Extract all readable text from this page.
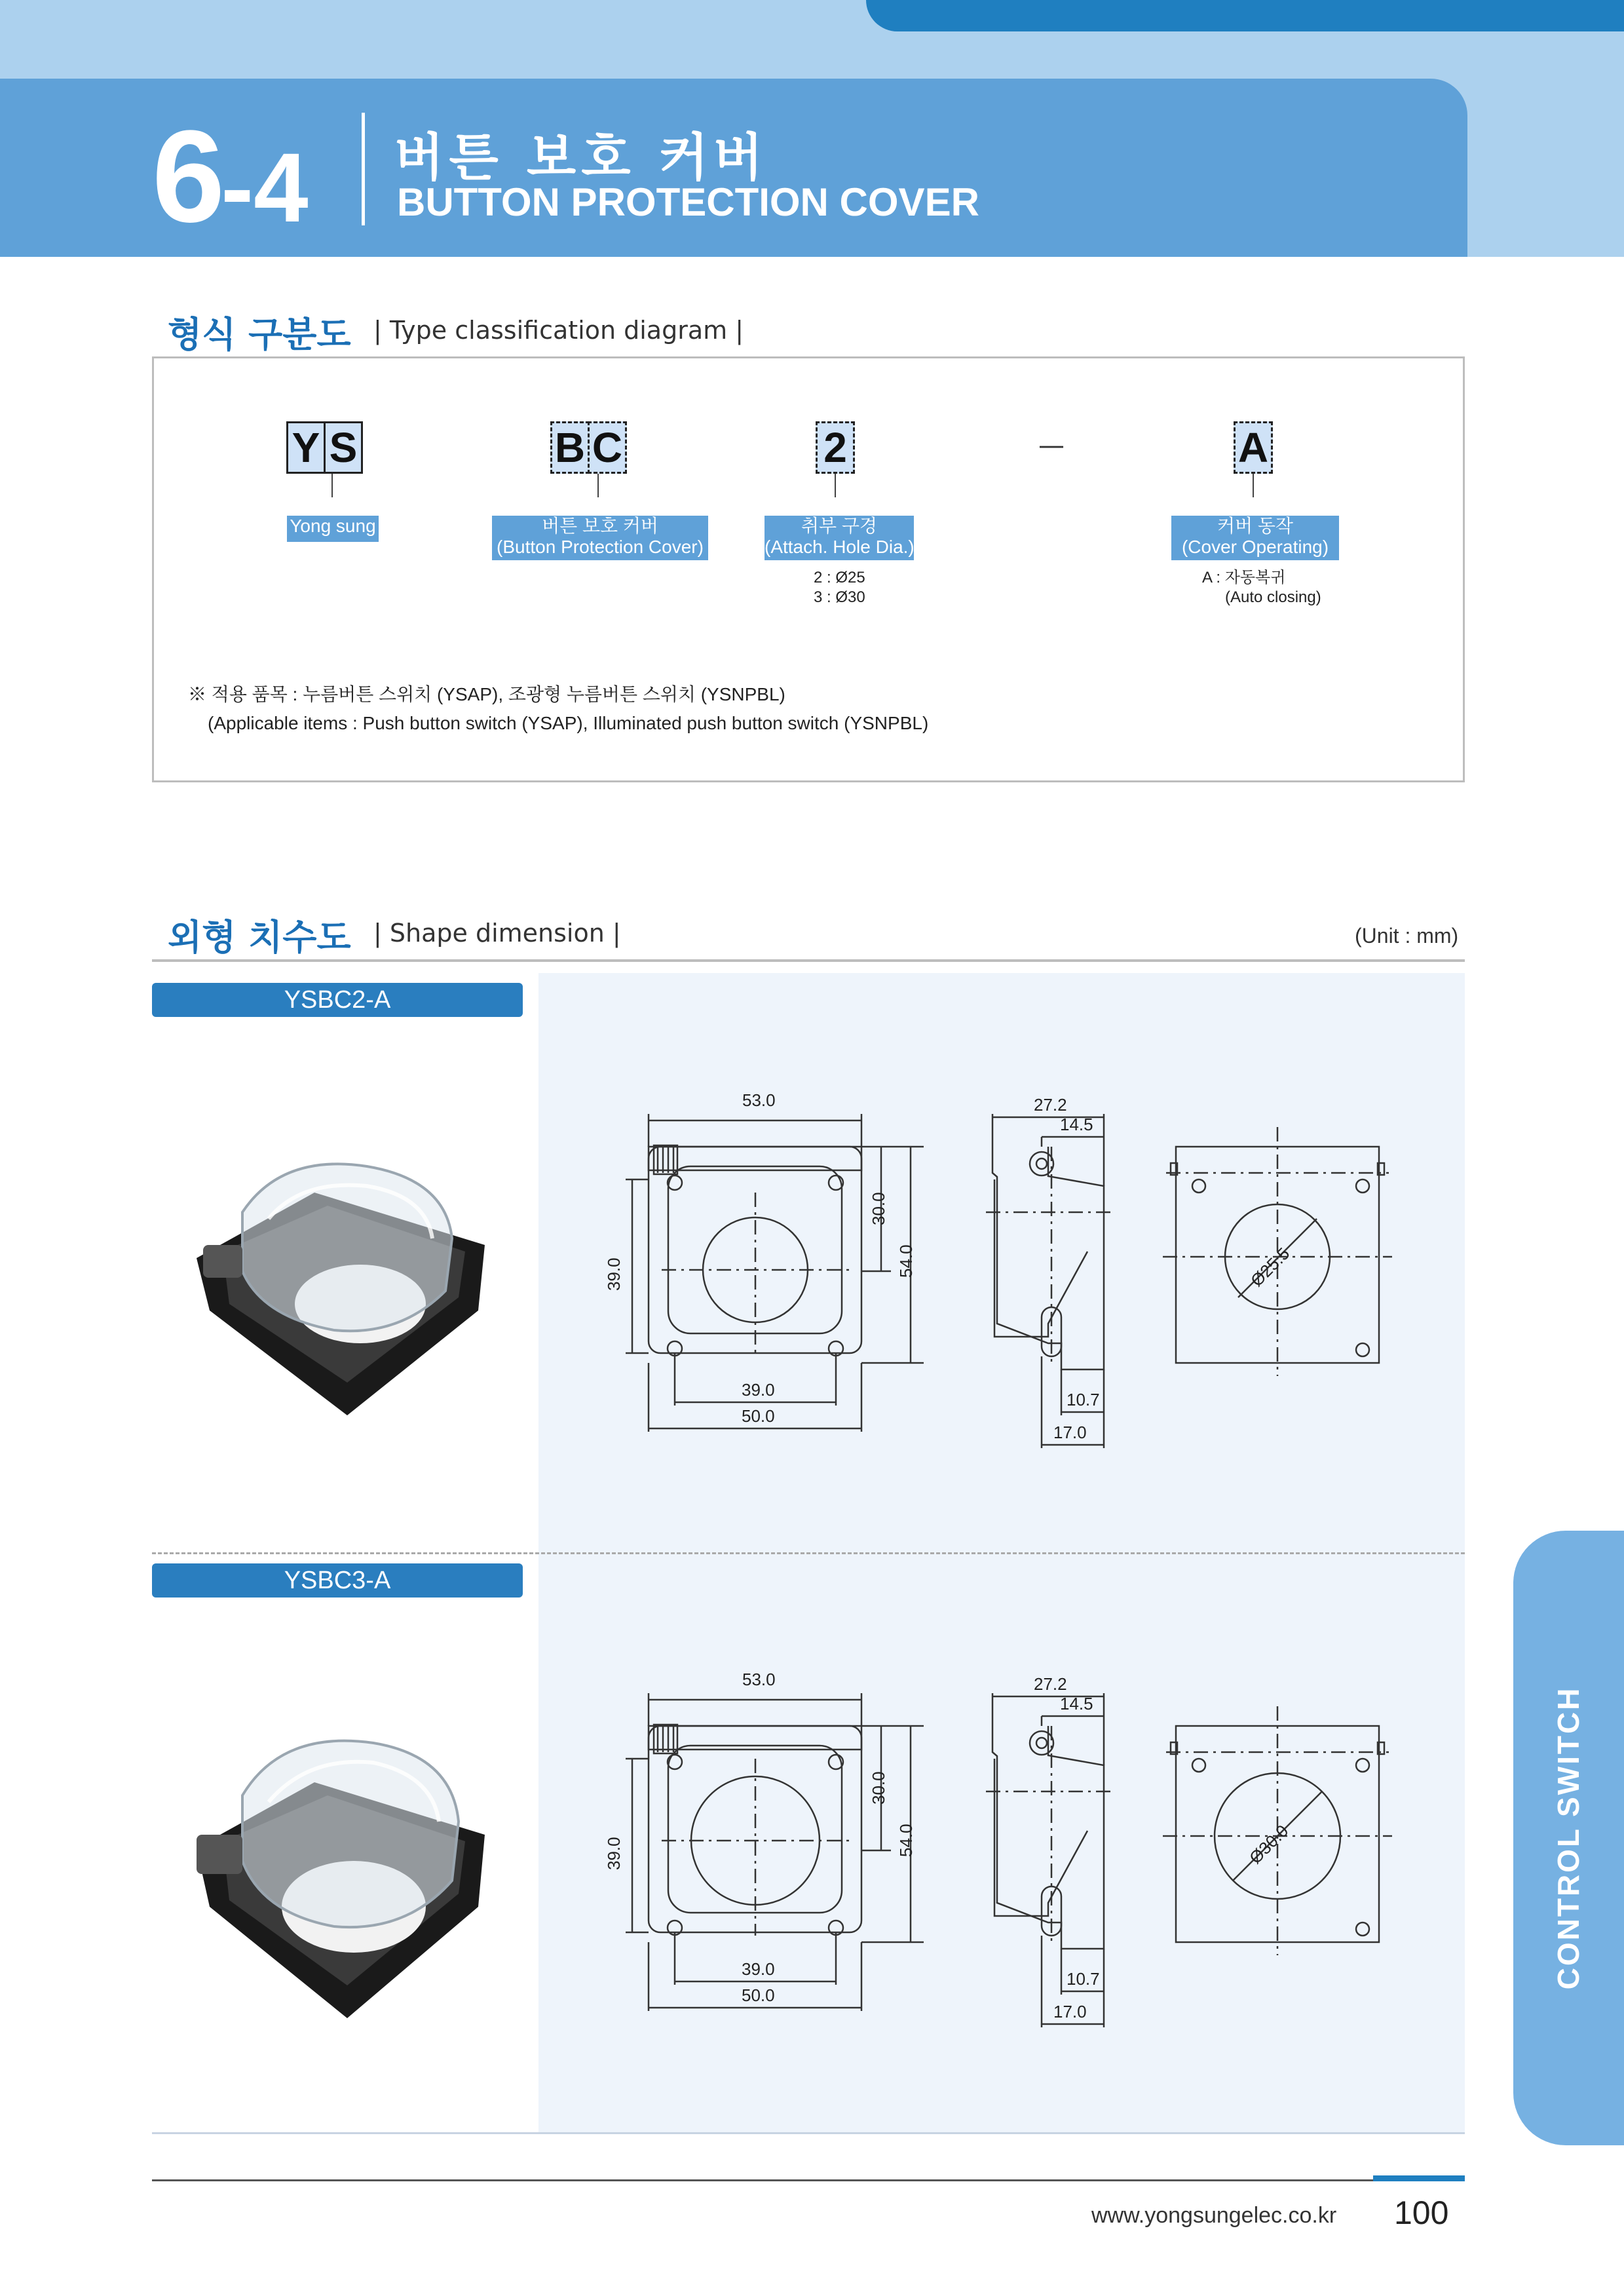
6-4 버튼 보호 커버
BUTTON PROTECTION COVER
형식 구분도 | Type classification diagram |
Y S	B C	2	—	A
Yong sung	버튼 보호 커버
(Button Protection Cover)
취부 구경
(Attach. Hole Dia.)
커버 동작
(Cover Operating)
2 : Ø25
3 : Ø30
A : 자동복귀
(Auto closing)
※ 적용 품목 : 누름버튼 스위치 (YSAP), 조광형 누름버튼 스위치 (YSNPBL)
(Applicable items : Push button switch (YSAP), Illuminated push button switch (YSNPBL)
외형 치수도 | Shape dimension |	(Unit : mm)
YSBC2-A
YSBC3-A
53.0
30.0
54.0
39.0
39.0
50.0
27.2
14.5
10.7
17.0
Ø25.5
53.0
30.0
54.0
39.0
39.0
50.0
27.2
14.5
10.7
17.0
Ø30.0	CONTROL SWITCH
www.yongsungelec.co.kr 100
